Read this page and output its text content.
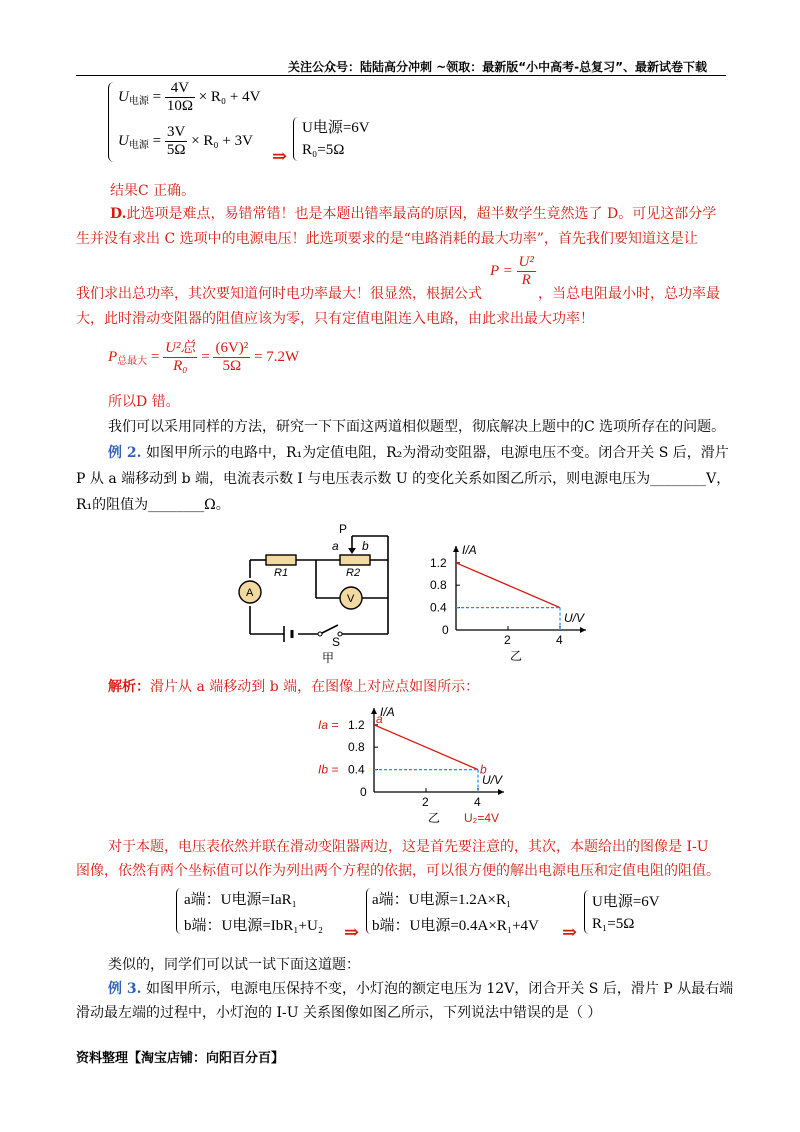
关注公众号：陆陆高分冲刺 ~领取：最新版“小中高考-总复习”、最新试卷下载
$U_{电源} = \frac{4V}{10\Omega} \times R_0 + 4V$
$U_{电源} = \frac{3V}{5\Omega} \times R_0 + 3V$
⇒
U电源=6V
R₀=5Ω
结果C 正确。
D.此选项是难点，易错常错！也是本题出错率最高的原因，超半数学生竟然选了 D。可见这部分学
生并没有求出 C 选项中的电源电压！此选项要求的是“电路消耗的最大功率”，首先我们要知道这是让
$P = \frac{\text{U²}}{R}$
我们求出总功率，其次要知道何时电功率最大！很显然，根据公式	，当总电阻最小时，总功率最
大，此时滑动变阻器的阻值应该为零，只有定值电阻连入电路，由此求出最大功率！
$P_{总最大} = \frac{\text{U²总}}{\text{R₀}} = \frac{\text{(6V)²}}{5\Omega} = 7.2W$
所以D 错。
我们可以采用同样的方法，研究一下下面这两道相似题型，彻底解决上题中的C 选项所存在的问题。
例 2. 如图甲所示的电路中，R₁为定值电阻，R₂为滑动变阻器，电源电压不变。闭合开关 S 后，滑片
P 从 a 端移动到 b 端，电流表示数 I 与电压表示数 U 的变化关系如图乙所示，则电源电压为________V，
R₁的阻值为________Ω。
P
a b
R1	R2
A	V
S
甲
I/A
U/V
0
2	4
0.4
0.8
1.2
乙
解析：滑片从 a 端移动到 b 端，在图像上对应点如图所示：
I/A
U/V
0
2	4
0.4
0.8
1.2 a
b
Ia =
Ib =
U₂=4V
乙
对于本题，电压表依然并联在滑动变阻器两边，这是首先要注意的，其次，本题给出的图像是 I-U
图像，依然有两个坐标值可以作为列出两个方程的依据，可以很方便的解出电源电压和定值电阻的阻值。
a端：U电源=IaR₁
b端：U电源=IbR₁+U₂ ⇒
a端：U电源=1.2A×R₁
b端：U电源=0.4A×R₁+4V ⇒
U电源=6V
R₁=5Ω
类似的，同学们可以试一试下面这道题：
例 3. 如图甲所示，电源电压保持不变，小灯泡的额定电压为 12V，闭合开关 S 后，滑片 P 从最右端
滑动最左端的过程中，小灯泡的 I-U 关系图像如图乙所示，下列说法中错误的是（ ）
资料整理【淘宝店铺：向阳百分百】
